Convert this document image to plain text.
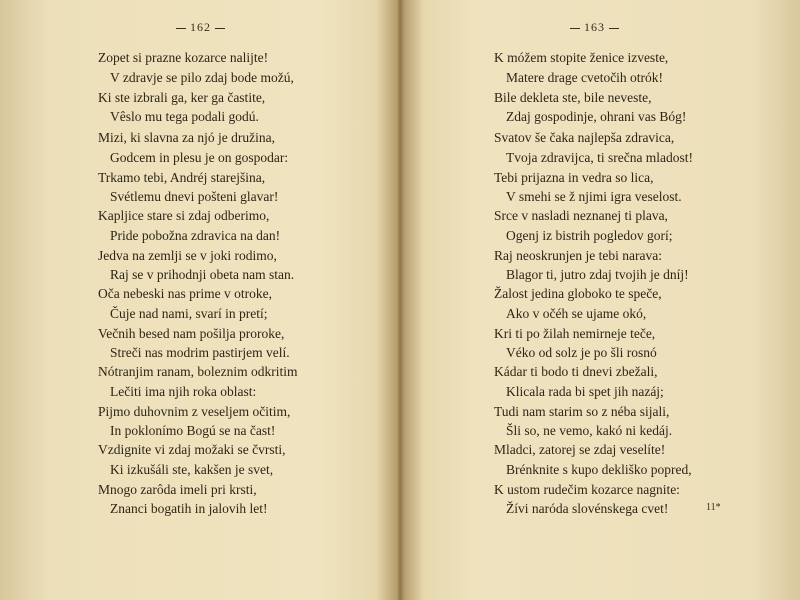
162	163
11*
Zopet si prazne kozarce nalijte!
V zdravje se pilo zdaj bode možú,
Ki ste izbrali ga, ker ga častite,
Vêslo mu tega podali godú.
Mizi, ki slavna za njó je družina,
Godcem in plesu je on gospodar:
Trkamo tebi, Andréj starejšina,
Svétlemu dnevi pošteni glavar!
Kapljice stare si zdaj odberimo,
Pride pobožna zdravica na dan!
Jedva na zemlji se v joki rodimo,
Raj se v prihodnji obeta nam stan.
Oča nebeski nas prime v otroke,
Čuje nad nami, svarí in pretí;
Večnih besed nam pošilja proroke,
Streči nas modrim pastirjem velí.
Nótranjim ranam, boleznim odkritim
Lečiti ima njih roka oblast:
Pijmo duhovnim z veseljem očitim,
In poklonímo Bogú se na čast!
Vzdignite vi zdaj možaki se čvrsti,
Ki izkušáli ste, kakšen je svet,
Mnogo zarôda imeli pri krsti,
Znanci bogatih in jalovih let!
K móžem stopite ženice izveste,
Matere drage cvetočih otrók!
Bile dekleta ste, bile neveste,
Zdaj gospodinje, ohrani vas Bóg!
Svatov še čaka najlepša zdravica,
Tvoja zdravijca, ti srečna mladost!
Tebi prijazna in vedra so lica,
V smehi se ž njimi igra veselost.
Srce v nasladi neznanej ti plava,
Ogenj iz bistrih pogledov gorí;
Raj neoskrunjen je tebi narava:
Blagor ti, jutro zdaj tvojih je dníj!
Žalost jedina globoko te speče,
Ako v očéh se ujame okó,
Kri ti po žilah nemirneje teče,
Véko od solz je po šli rosnó
Kádar ti bodo ti dnevi zbežali,
Klicala rada bi spet jih nazáj;
Tudi nam starim so z néba sijali,
Šli so, ne vemo, kakó ni kedáj.
Mladci, zatorej se zdaj veselíte!
Brénknite s kupo dekliško popred,
K ustom rudečim kozarce nagnite:
Žívi naróda slovénskega cvet!
